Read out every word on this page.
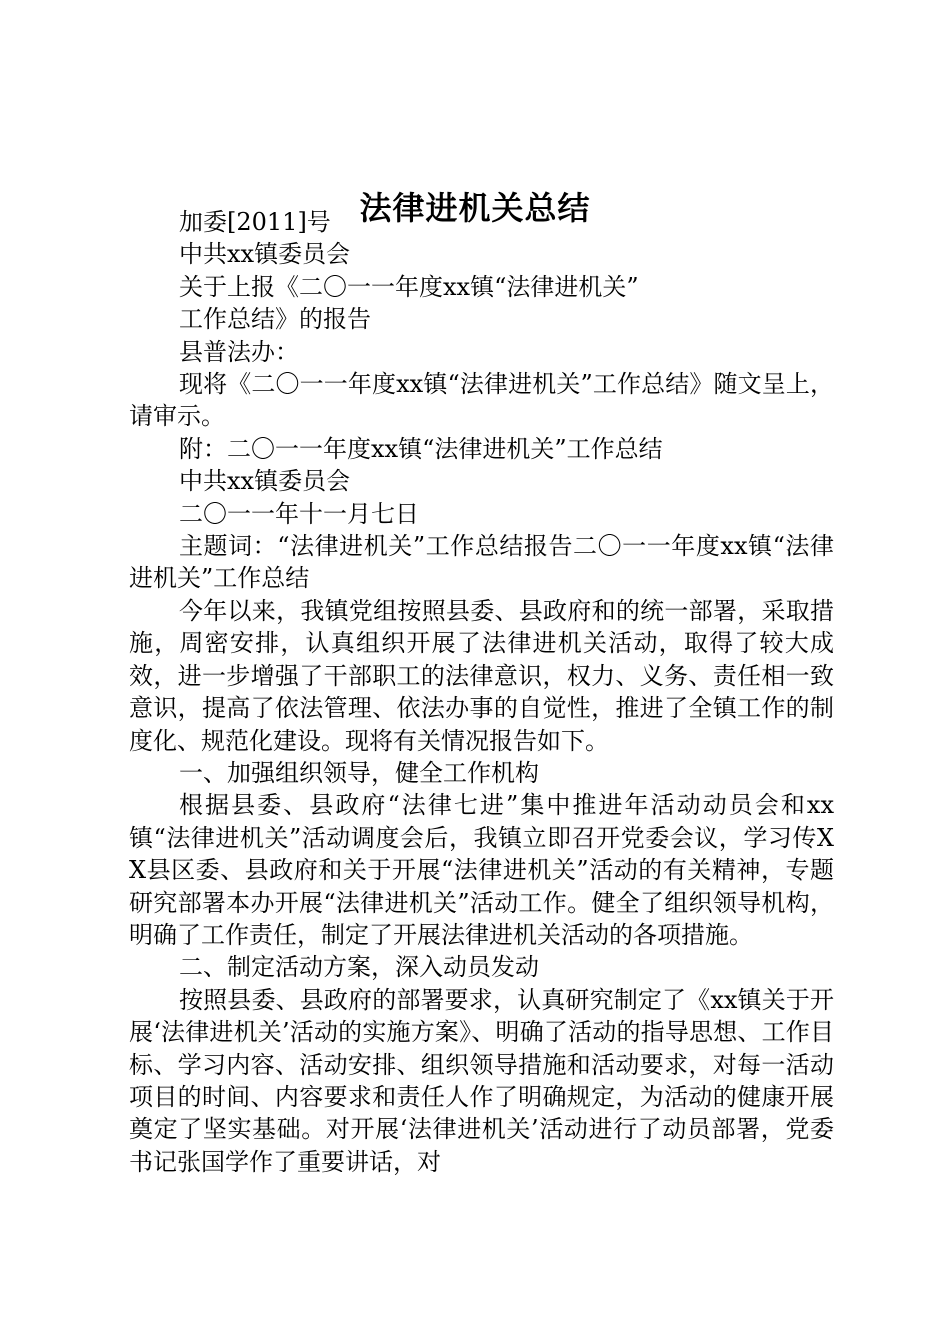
法律进机关总结

加委[2011]号

中共xx镇委员会

关于上报《二〇一一年度xx镇“法律进机关”

工作总结》的报告

县普法办：

现将《二〇一一年度xx镇“法律进机关”工作总结》随文呈上，请审示。

附：二〇一一年度xx镇“法律进机关”工作总结

中共xx镇委员会

二〇一一年十一月七日

主题词：“法律进机关”工作总结报告二〇一一年度xx镇“法律进机关”工作总结

今年以来，我镇党组按照县委、县政府和的统一部署，采取措施，周密安排，认真组织开展了法律进机关活动，取得了较大成效，进一步增强了干部职工的法律意识，权力、义务、责任相一致意识，提高了依法管理、依法办事的自觉性，推进了全镇工作的制度化、规范化建设。现将有关情况报告如下。

一、加强组织领导，健全工作机构

根据县委、县政府“法律七进”集中推进年活动动员会和xx镇“法律进机关”活动调度会后，我镇立即召开党委会议，学习传XX县区委、县政府和关于开展“法律进机关”活动的有关精神，专题研究部署本办开展“法律进机关”活动工作。健全了组织领导机构，明确了工作责任，制定了开展法律进机关活动的各项措施。

二、制定活动方案，深入动员发动

按照县委、县政府的部署要求，认真研究制定了《xx镇关于开展‘法律进机关’活动的实施方案》、明确了活动的指导思想、工作目标、学习内容、活动安排、组织领导措施和活动要求，对每一活动项目的时间、内容要求和责任人作了明确规定，为活动的健康开展奠定了坚实基础。对开展‘法律进机关’活动进行了动员部署，党委书记张国学作了重要讲话，对
